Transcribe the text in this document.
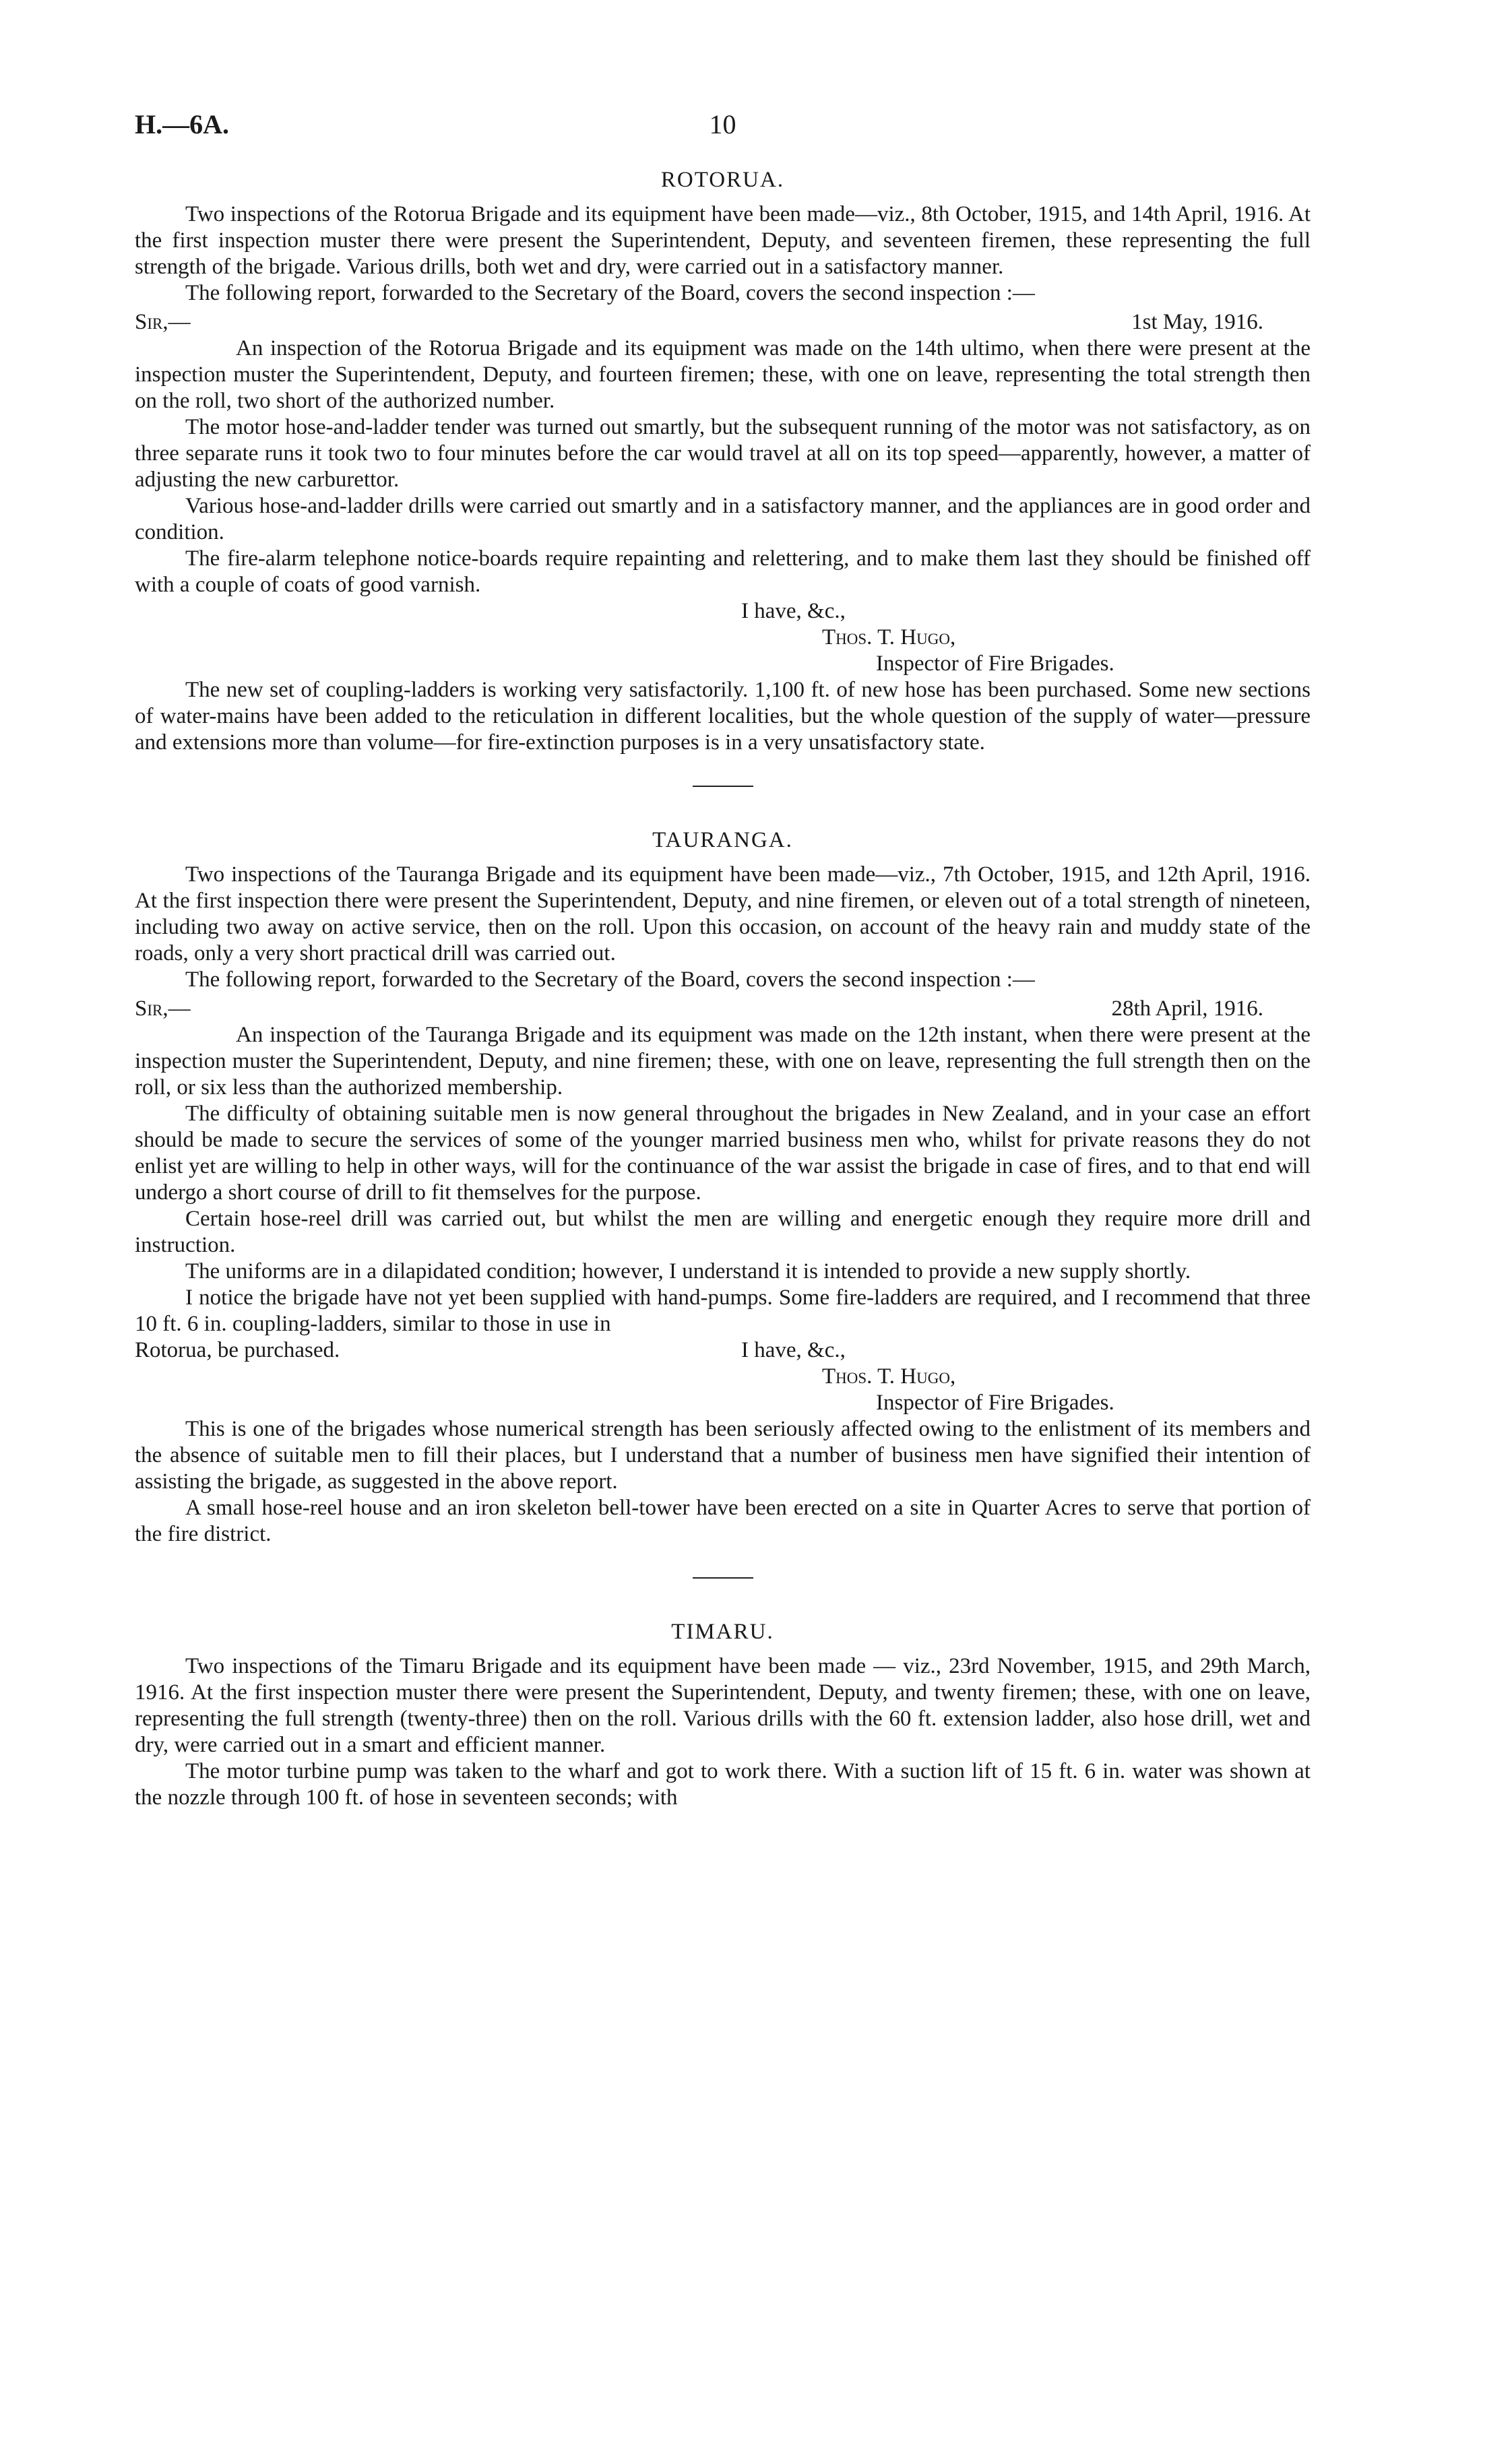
H.—6A.	10
ROTORUA.

Two inspections of the Rotorua Brigade and its equipment have been made—viz., 8th October, 1915, and 14th April, 1916. At the first inspection muster there were present the Superintendent, Deputy, and seventeen firemen, these representing the full strength of the brigade. Various drills, both wet and dry, were carried out in a satisfactory manner.

The following report, forwarded to the Secretary of the Board, covers the second inspection :—

Sir,—	1st May, 1916.

An inspection of the Rotorua Brigade and its equipment was made on the 14th ultimo, when there were present at the inspection muster the Superintendent, Deputy, and fourteen firemen; these, with one on leave, representing the total strength then on the roll, two short of the authorized number.

The motor hose-and-ladder tender was turned out smartly, but the subsequent running of the motor was not satisfactory, as on three separate runs it took two to four minutes before the car would travel at all on its top speed—apparently, however, a matter of adjusting the new carburettor.

Various hose-and-ladder drills were carried out smartly and in a satisfactory manner, and the appliances are in good order and condition.

The fire-alarm telephone notice-boards require repainting and relettering, and to make them last they should be finished off with a couple of coats of good varnish.

I have, &c.,
Thos. T. Hugo,
Inspector of Fire Brigades.

The new set of coupling-ladders is working very satisfactorily. 1,100 ft. of new hose has been purchased. Some new sections of water-mains have been added to the reticulation in different localities, but the whole question of the supply of water—pressure and extensions more than volume—for fire-extinction purposes is in a very unsatisfactory state.

TAURANGA.

Two inspections of the Tauranga Brigade and its equipment have been made—viz., 7th October, 1915, and 12th April, 1916. At the first inspection there were present the Superintendent, Deputy, and nine firemen, or eleven out of a total strength of nineteen, including two away on active service, then on the roll. Upon this occasion, on account of the heavy rain and muddy state of the roads, only a very short practical drill was carried out.

The following report, forwarded to the Secretary of the Board, covers the second inspection :—

Sir,—	28th April, 1916.

An inspection of the Tauranga Brigade and its equipment was made on the 12th instant, when there were present at the inspection muster the Superintendent, Deputy, and nine firemen; these, with one on leave, representing the full strength then on the roll, or six less than the authorized membership.

The difficulty of obtaining suitable men is now general throughout the brigades in New Zealand, and in your case an effort should be made to secure the services of some of the younger married business men who, whilst for private reasons they do not enlist yet are willing to help in other ways, will for the continuance of the war assist the brigade in case of fires, and to that end will undergo a short course of drill to fit themselves for the purpose.

Certain hose-reel drill was carried out, but whilst the men are willing and energetic enough they require more drill and instruction.

The uniforms are in a dilapidated condition; however, I understand it is intended to provide a new supply shortly.

I notice the brigade have not yet been supplied with hand-pumps. Some fire-ladders are required, and I recommend that three 10 ft. 6 in. coupling-ladders, similar to those in use in

Rotorua, be purchased.	I have, &c.,
Thos. T. Hugo,
Inspector of Fire Brigades.

This is one of the brigades whose numerical strength has been seriously affected owing to the enlistment of its members and the absence of suitable men to fill their places, but I understand that a number of business men have signified their intention of assisting the brigade, as suggested in the above report.

A small hose-reel house and an iron skeleton bell-tower have been erected on a site in Quarter Acres to serve that portion of the fire district.

TIMARU.

Two inspections of the Timaru Brigade and its equipment have been made — viz., 23rd November, 1915, and 29th March, 1916. At the first inspection muster there were present the Superintendent, Deputy, and twenty firemen; these, with one on leave, representing the full strength (twenty-three) then on the roll. Various drills with the 60 ft. extension ladder, also hose drill, wet and dry, were carried out in a smart and efficient manner.

The motor turbine pump was taken to the wharf and got to work there. With a suction lift of 15 ft. 6 in. water was shown at the nozzle through 100 ft. of hose in seventeen seconds; with
